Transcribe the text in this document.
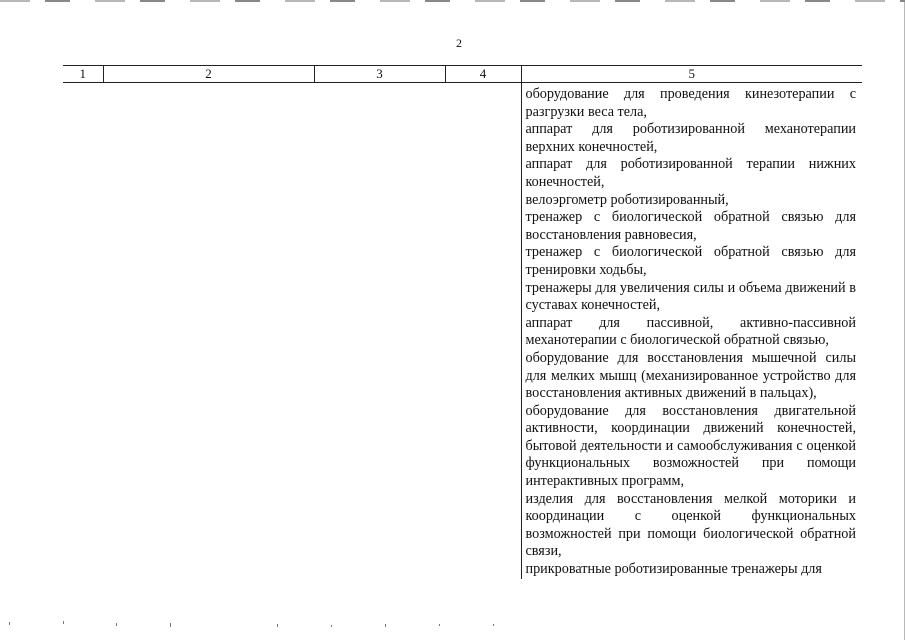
2
1	2	3	4	5

оборудование для проведения кинезотерапии с разгрузки веса тела,

аппарат для роботизированной механотерапии верхних конечностей,

аппарат для роботизированной терапии нижних конечностей,

велоэргометр роботизированный,

тренажер с биологической обратной связью для восстановления равновесия,

тренажер с биологической обратной связью для тренировки ходьбы,

тренажеры для увеличения силы и объема движений в суставах конечностей,

аппарат для пассивной, активно-пассивной механотерапии с биологической обратной связью,

оборудование для восстановления мышечной силы для мелких мышц (механизированное устройство для восстановления активных движений в пальцах),

оборудование для восстановления двигательной активности, координации движений конечностей, бытовой деятельности и самообслуживания с оценкой функциональных возможностей при помощи интерактивных программ,

изделия для восстановления мелкой моторики и координации с оценкой функциональных возможностей при помощи биологической обратной связи,

прикроватные роботизированные тренажеры для
